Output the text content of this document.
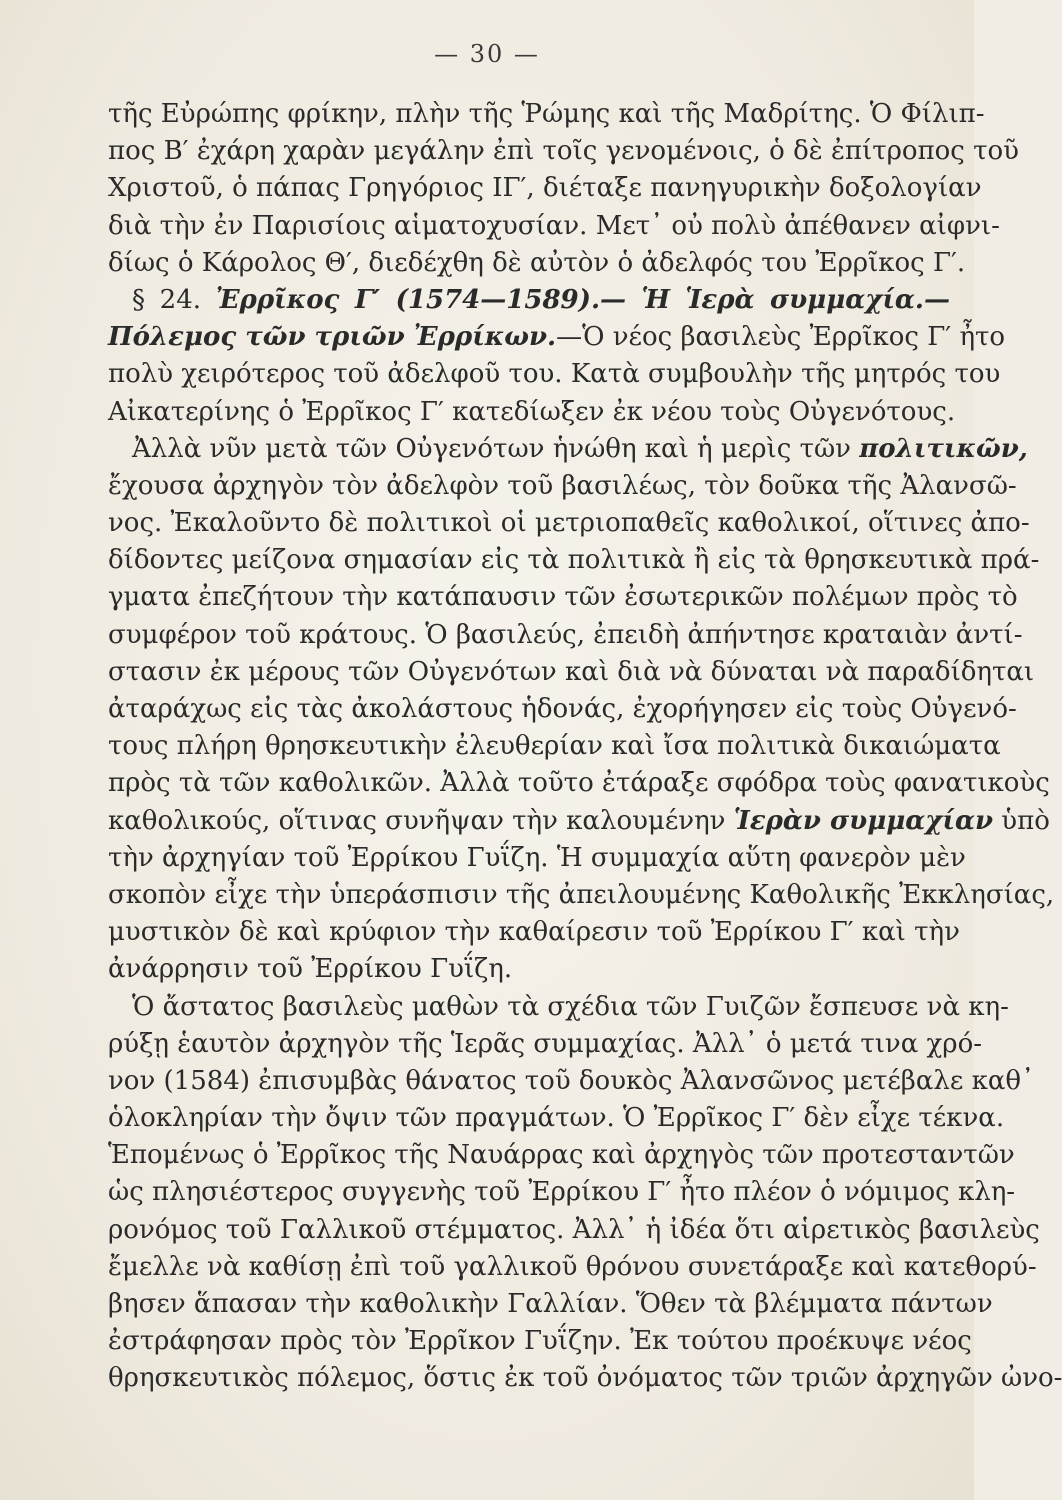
— 30 —
τῆς Εὐρώπης φρίκην, πλὴν τῆς Ῥώμης καὶ τῆς Μαδρίτης. Ὁ Φίλιπ-
πος Β′ ἐχάρη χαρὰν μεγάλην ἐπὶ τοῖς γενομένοις, ὁ δὲ ἐπίτροπος τοῦ
Χριστοῦ, ὁ πάπας Γρηγόριος ΙΓ′, διέταξε πανηγυρικὴν δοξολογίαν
διὰ τὴν ἐν Παρισίοις αἱματοχυσίαν. Μετ᾿ οὐ πολὺ ἀπέθανεν αἰφνι-
δίως ὁ Κάρολος Θ′, διεδέχθη δὲ αὐτὸν ὁ ἀδελφός του Ἐρρῖκος Γ′.
§ 24. Ἐρρῖκος Γ′ (1574—1589).— Ἡ Ἱερὰ συμμαχία.—
Πόλεμος τῶν τριῶν Ἐρρίκων.—Ὁ νέος βασιλεὺς Ἐρρῖκος Γ′ ἦτο
πολὺ χειρότερος τοῦ ἀδελφοῦ του. Κατὰ συμβουλὴν τῆς μητρός του
Αἰκατερίνης ὁ Ἐρρῖκος Γ′ κατεδίωξεν ἐκ νέου τοὺς Οὐγενότους.
Ἀλλὰ νῦν μετὰ τῶν Οὐγενότων ἡνώθη καὶ ἡ μερὶς τῶν πολιτικῶν,
ἔχουσα ἀρχηγὸν τὸν ἀδελφὸν τοῦ βασιλέως, τὸν δοῦκα τῆς Ἀλανσῶ-
νος. Ἐκαλοῦντο δὲ πολιτικοὶ οἱ μετριοπαθεῖς καθολικοί, οἵτινες ἀπο-
δίδοντες μείζονα σημασίαν εἰς τὰ πολιτικὰ ἢ εἰς τὰ θρησκευτικὰ πρά-
γματα ἐπεζήτουν τὴν κατάπαυσιν τῶν ἐσωτερικῶν πολέμων πρὸς τὸ
συμφέρον τοῦ κράτους. Ὁ βασιλεύς, ἐπειδὴ ἀπήντησε κραταιὰν ἀντί-
στασιν ἐκ μέρους τῶν Οὐγενότων καὶ διὰ νὰ δύναται νὰ παραδίδηται
ἀταράχως εἰς τὰς ἀκολάστους ἡδονάς, ἐχορήγησεν εἰς τοὺς Οὐγενό-
τους πλήρη θρησκευτικὴν ἐλευθερίαν καὶ ἴσα πολιτικὰ δικαιώματα
πρὸς τὰ τῶν καθολικῶν. Ἀλλὰ τοῦτο ἐτάραξε σφόδρα τοὺς φανατικοὺς
καθολικούς, οἵτινας συνῆψαν τὴν καλουμένην Ἱερὰν συμμαχίαν ὑπὸ
τὴν ἀρχηγίαν τοῦ Ἐρρίκου Γυΐζη. Ἡ συμμαχία αὕτη φανερὸν μὲν
σκοπὸν εἶχε τὴν ὑπεράσπισιν τῆς ἀπειλουμένης Καθολικῆς Ἐκκλησίας,
μυστικὸν δὲ καὶ κρύφιον τὴν καθαίρεσιν τοῦ Ἐρρίκου Γ′ καὶ τὴν
ἀνάρρησιν τοῦ Ἐρρίκου Γυΐζη.
Ὁ ἄστατος βασιλεὺς μαθὼν τὰ σχέδια τῶν Γυιζῶν ἔσπευσε νὰ κη-
ρύξῃ ἑαυτὸν ἀρχηγὸν τῆς Ἱερᾶς συμμαχίας. Ἀλλ᾿ ὁ μετά τινα χρό-
νον (1584) ἐπισυμβὰς θάνατος τοῦ δουκὸς Ἀλανσῶνος μετέβαλε καθ᾿
ὁλοκληρίαν τὴν ὄψιν τῶν πραγμάτων. Ὁ Ἐρρῖκος Γ′ δὲν εἶχε τέκνα.
Ἑπομένως ὁ Ἐρρῖκος τῆς Ναυάρρας καὶ ἀρχηγὸς τῶν προτεσταντῶν
ὡς πλησιέστερος συγγενὴς τοῦ Ἐρρίκου Γ′ ἦτο πλέον ὁ νόμιμος κλη-
ρονόμος τοῦ Γαλλικοῦ στέμματος. Ἀλλ᾿ ἡ ἰδέα ὅτι αἱρετικὸς βασιλεὺς
ἔμελλε νὰ καθίσῃ ἐπὶ τοῦ γαλλικοῦ θρόνου συνετάραξε καὶ κατεθορύ-
βησεν ἅπασαν τὴν καθολικὴν Γαλλίαν. Ὅθεν τὰ βλέμματα πάντων
ἐστράφησαν πρὸς τὸν Ἐρρῖκον Γυΐζην. Ἐκ τούτου προέκυψε νέος
θρησκευτικὸς πόλεμος, ὅστις ἐκ τοῦ ὀνόματος τῶν τριῶν ἀρχηγῶν ὠνο-
